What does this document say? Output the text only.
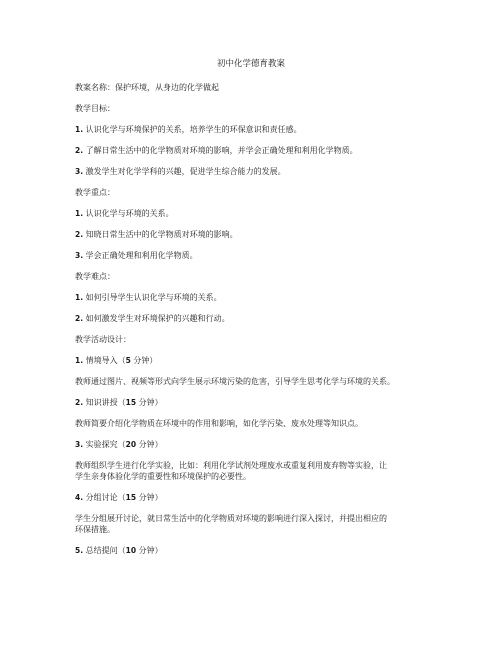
初中化学德育教案
教案名称：保护环境，从身边的化学做起
教学目标：
1. 认识化学与环境保护的关系，培养学生的环保意识和责任感。
2. 了解日常生活中的化学物质对环境的影响，并学会正确处理和利用化学物质。
3. 激发学生对化学学科的兴趣，促进学生综合能力的发展。
教学重点：
1. 认识化学与环境的关系。
2. 知晓日常生活中的化学物质对环境的影响。
3. 学会正确处理和利用化学物质。
教学难点：
1. 如何引导学生认识化学与环境的关系。
2. 如何激发学生对环境保护的兴趣和行动。
教学活动设计：
1. 情境导入（5 分钟）
教师通过图片、视频等形式向学生展示环境污染的危害，引导学生思考化学与环境的关系。
2. 知识讲授（15 分钟）
教师简要介绍化学物质在环境中的作用和影响，如化学污染、废水处理等知识点。
3. 实验探究（20 分钟）
教师组织学生进行化学实验，比如：利用化学试剂处理废水或重复利用废弃物等实验，让
学生亲身体验化学的重要性和环境保护的必要性。
4. 分组讨论（15 分钟）
学生分组展开讨论，就日常生活中的化学物质对环境的影响进行深入探讨，并提出相应的
环保措施。
5. 总结提问（10 分钟）
